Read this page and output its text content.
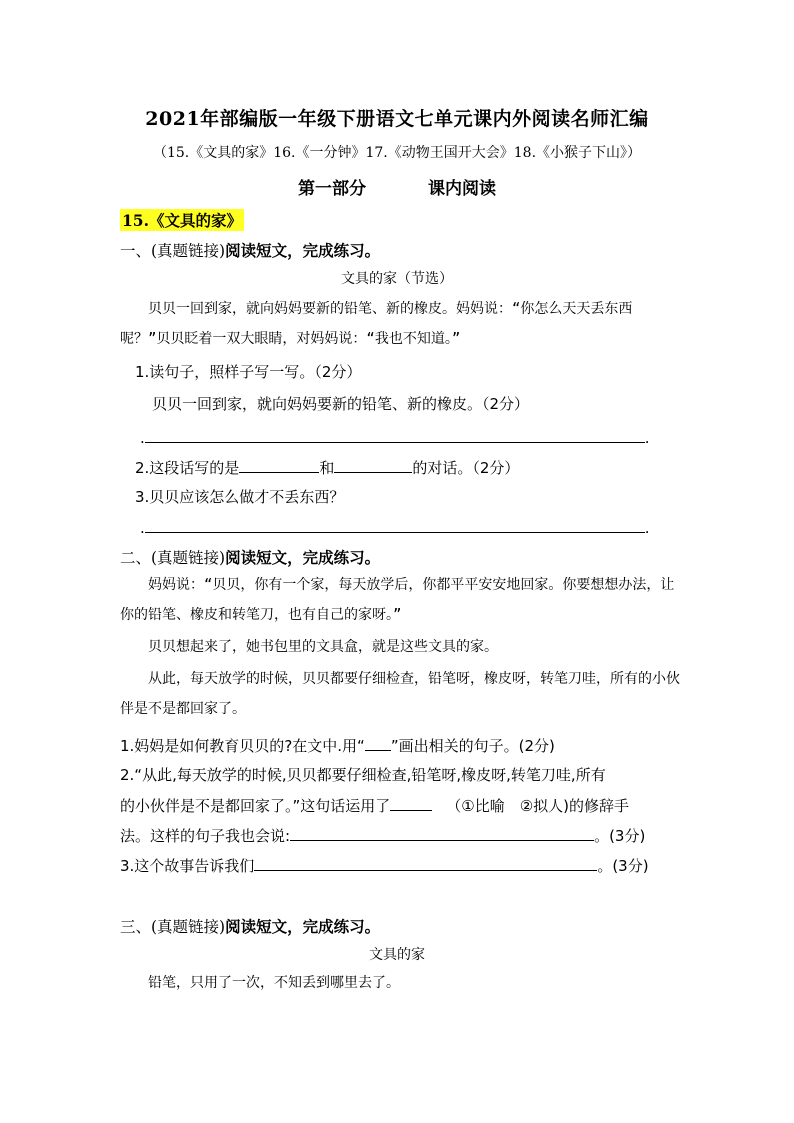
2021年部编版一年级下册语文七单元课内外阅读名师汇编
（15.《文具的家》16.《一分钟》17.《动物王国开大会》18.《小猴子下山》）
第一部分	课内阅读
15.《文具的家》
一、(真题链接)阅读短文，完成练习。
文具的家（节选）
贝贝一回到家，就向妈妈要新的铅笔、新的橡皮。妈妈说：“你怎么天天丢东西呢？”贝贝眨着一双大眼睛，对妈妈说：“我也不知道。”
1.读句子，照样子写一写。（2分）
贝贝一回到家，就向妈妈要新的铅笔、新的橡皮。（2分）
.	.
2.这段话写的是	和	的对话。（2分）
3.贝贝应该怎么做才不丢东西？
.	.
二、(真题链接)阅读短文，完成练习。
妈妈说：“贝贝，你有一个家，每天放学后，你都平平安安地回家。你要想想办法，让你的铅笔、橡皮和转笔刀，也有自己的家呀。”
贝贝想起来了，她书包里的文具盒，就是这些文具的家。
从此，每天放学的时候，贝贝都要仔细检查，铅笔呀，橡皮呀，转笔刀哇，所有的小伙伴是不是都回家了。
1.妈妈是如何教育贝贝的?在文中.用“ ”画出相关的句子。(2分)
2.“从此,每天放学的时候,贝贝都要仔细检查,铅笔呀,橡皮呀,转笔刀哇,所有
的小伙伴是不是都回家了。”这句话运用了	（①比喻　②拟人)的修辞手
法。这样的句子我也会说:	。(3分)
3.这个故事告诉我们	。(3分)
三、(真题链接)阅读短文，完成练习。
文具的家
铅笔，只用了一次，不知丢到哪里去了。
